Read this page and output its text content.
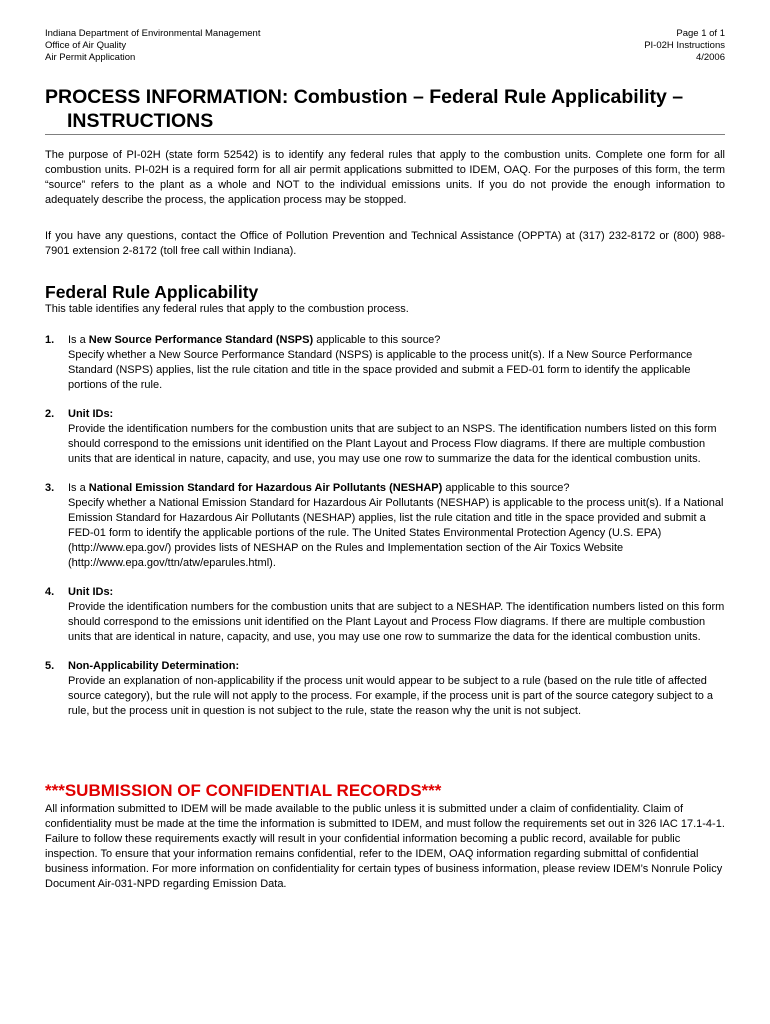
Indiana Department of Environmental Management
Office of Air Quality
Air Permit Application
Page 1 of 1
PI-02H Instructions
4/2006
PROCESS INFORMATION: Combustion – Federal Rule Applicability –
INSTRUCTIONS
The purpose of PI-02H (state form 52542) is to identify any federal rules that apply to the combustion units. Complete one form for all combustion units. PI-02H is a required form for all air permit applications submitted to IDEM, OAQ. For the purposes of this form, the term “source” refers to the plant as a whole and NOT to the individual emissions units. If you do not provide the enough information to adequately describe the process, the application process may be stopped.
If you have any questions, contact the Office of Pollution Prevention and Technical Assistance (OPPTA) at (317) 232-8172 or (800) 988-7901 extension 2-8172 (toll free call within Indiana).
Federal Rule Applicability
This table identifies any federal rules that apply to the combustion process.
1. Is a New Source Performance Standard (NSPS) applicable to this source?
Specify whether a New Source Performance Standard (NSPS) is applicable to the process unit(s). If a New Source Performance Standard (NSPS) applies, list the rule citation and title in the space provided and submit a FED-01 form to identify the applicable portions of the rule.
2. Unit IDs:
Provide the identification numbers for the combustion units that are subject to an NSPS. The identification numbers listed on this form should correspond to the emissions unit identified on the Plant Layout and Process Flow diagrams. If there are multiple combustion units that are identical in nature, capacity, and use, you may use one row to summarize the data for the identical combustion units.
3. Is a National Emission Standard for Hazardous Air Pollutants (NESHAP) applicable to this source?
Specify whether a National Emission Standard for Hazardous Air Pollutants (NESHAP) is applicable to the process unit(s). If a National Emission Standard for Hazardous Air Pollutants (NESHAP) applies, list the rule citation and title in the space provided and submit a FED-01 form to identify the applicable portions of the rule. The United States Environmental Protection Agency (U.S. EPA) (http://www.epa.gov/) provides lists of NESHAP on the Rules and Implementation section of the Air Toxics Website (http://www.epa.gov/ttn/atw/eparules.html).
4. Unit IDs:
Provide the identification numbers for the combustion units that are subject to a NESHAP. The identification numbers listed on this form should correspond to the emissions unit identified on the Plant Layout and Process Flow diagrams. If there are multiple combustion units that are identical in nature, capacity, and use, you may use one row to summarize the data for the identical combustion units.
5. Non-Applicability Determination:
Provide an explanation of non-applicability if the process unit would appear to be subject to a rule (based on the rule title of affected source category), but the rule will not apply to the process. For example, if the process unit is part of the source category subject to a rule, but the process unit in question is not subject to the rule, state the reason why the unit is not subject.
***SUBMISSION OF CONFIDENTIAL RECORDS***
All information submitted to IDEM will be made available to the public unless it is submitted under a claim of confidentiality. Claim of confidentiality must be made at the time the information is submitted to IDEM, and must follow the requirements set out in 326 IAC 17.1-4-1. Failure to follow these requirements exactly will result in your confidential information becoming a public record, available for public inspection. To ensure that your information remains confidential, refer to the IDEM, OAQ information regarding submittal of confidential business information. For more information on confidentiality for certain types of business information, please review IDEM’s Nonrule Policy Document Air-031-NPD regarding Emission Data.
